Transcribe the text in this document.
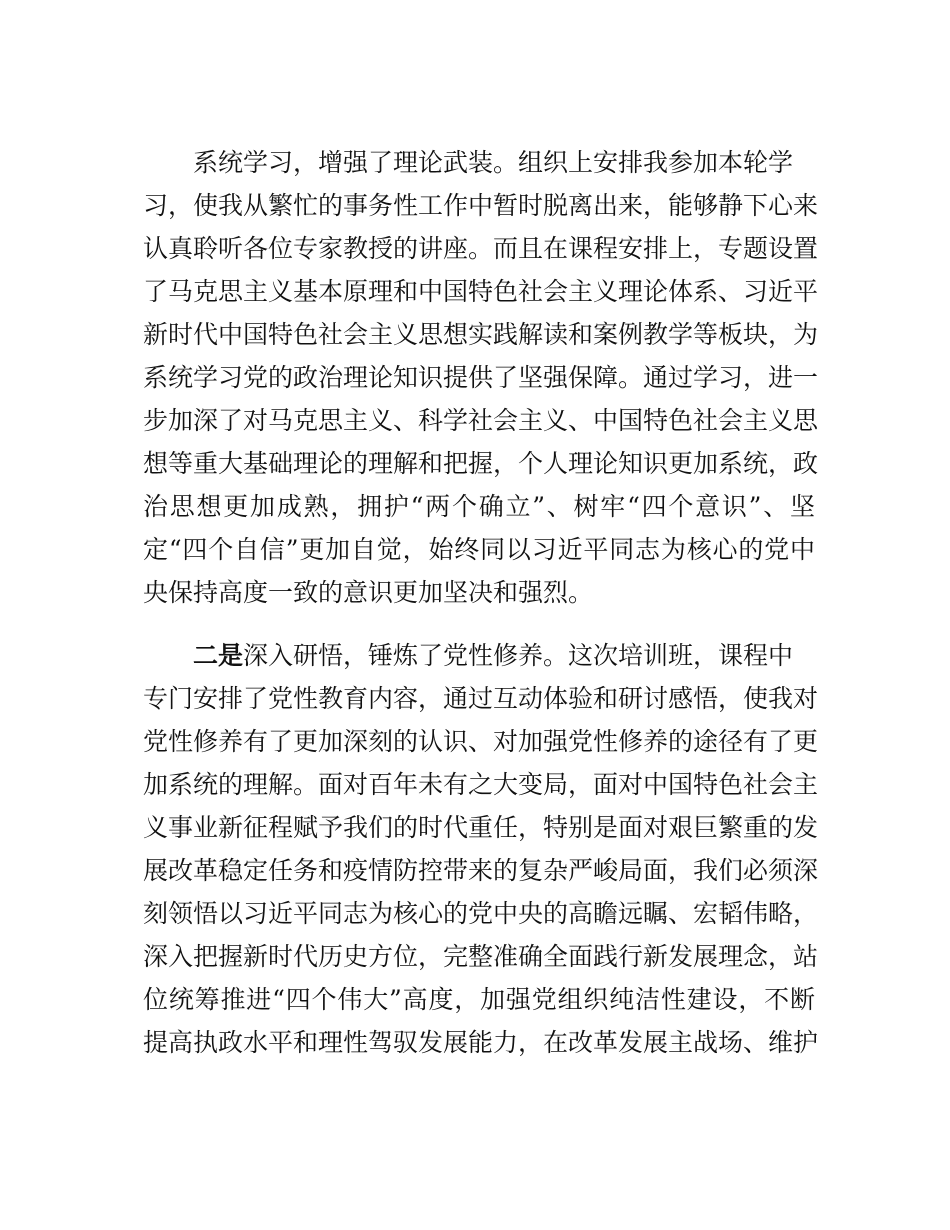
系统学习，增强了理论武装。组织上安排我参加本轮学
习，使我从繁忙的事务性工作中暂时脱离出来，能够静下心来
认真聆听各位专家教授的讲座。而且在课程安排上，专题设置
了马克思主义基本原理和中国特色社会主义理论体系、习近平
新时代中国特色社会主义思想实践解读和案例教学等板块，为
系统学习党的政治理论知识提供了坚强保障。通过学习，进一
步加深了对马克思主义、科学社会主义、中国特色社会主义思
想等重大基础理论的理解和把握，个人理论知识更加系统，政
治思想更加成熟，拥护“两个确立”、树牢“四个意识”、坚
定“四个自信”更加自觉，始终同以习近平同志为核心的党中
央保持高度一致的意识更加坚决和强烈。
二是深入研悟，锤炼了党性修养。这次培训班，课程中
专门安排了党性教育内容，通过互动体验和研讨感悟，使我对
党性修养有了更加深刻的认识、对加强党性修养的途径有了更
加系统的理解。面对百年未有之大变局，面对中国特色社会主
义事业新征程赋予我们的时代重任，特别是面对艰巨繁重的发
展改革稳定任务和疫情防控带来的复杂严峻局面，我们必须深
刻领悟以习近平同志为核心的党中央的高瞻远瞩、宏韬伟略，
深入把握新时代历史方位，完整准确全面践行新发展理念，站
位统筹推进“四个伟大”高度，加强党组织纯洁性建设，不断
提高执政水平和理性驾驭发展能力，在改革发展主战场、维护
